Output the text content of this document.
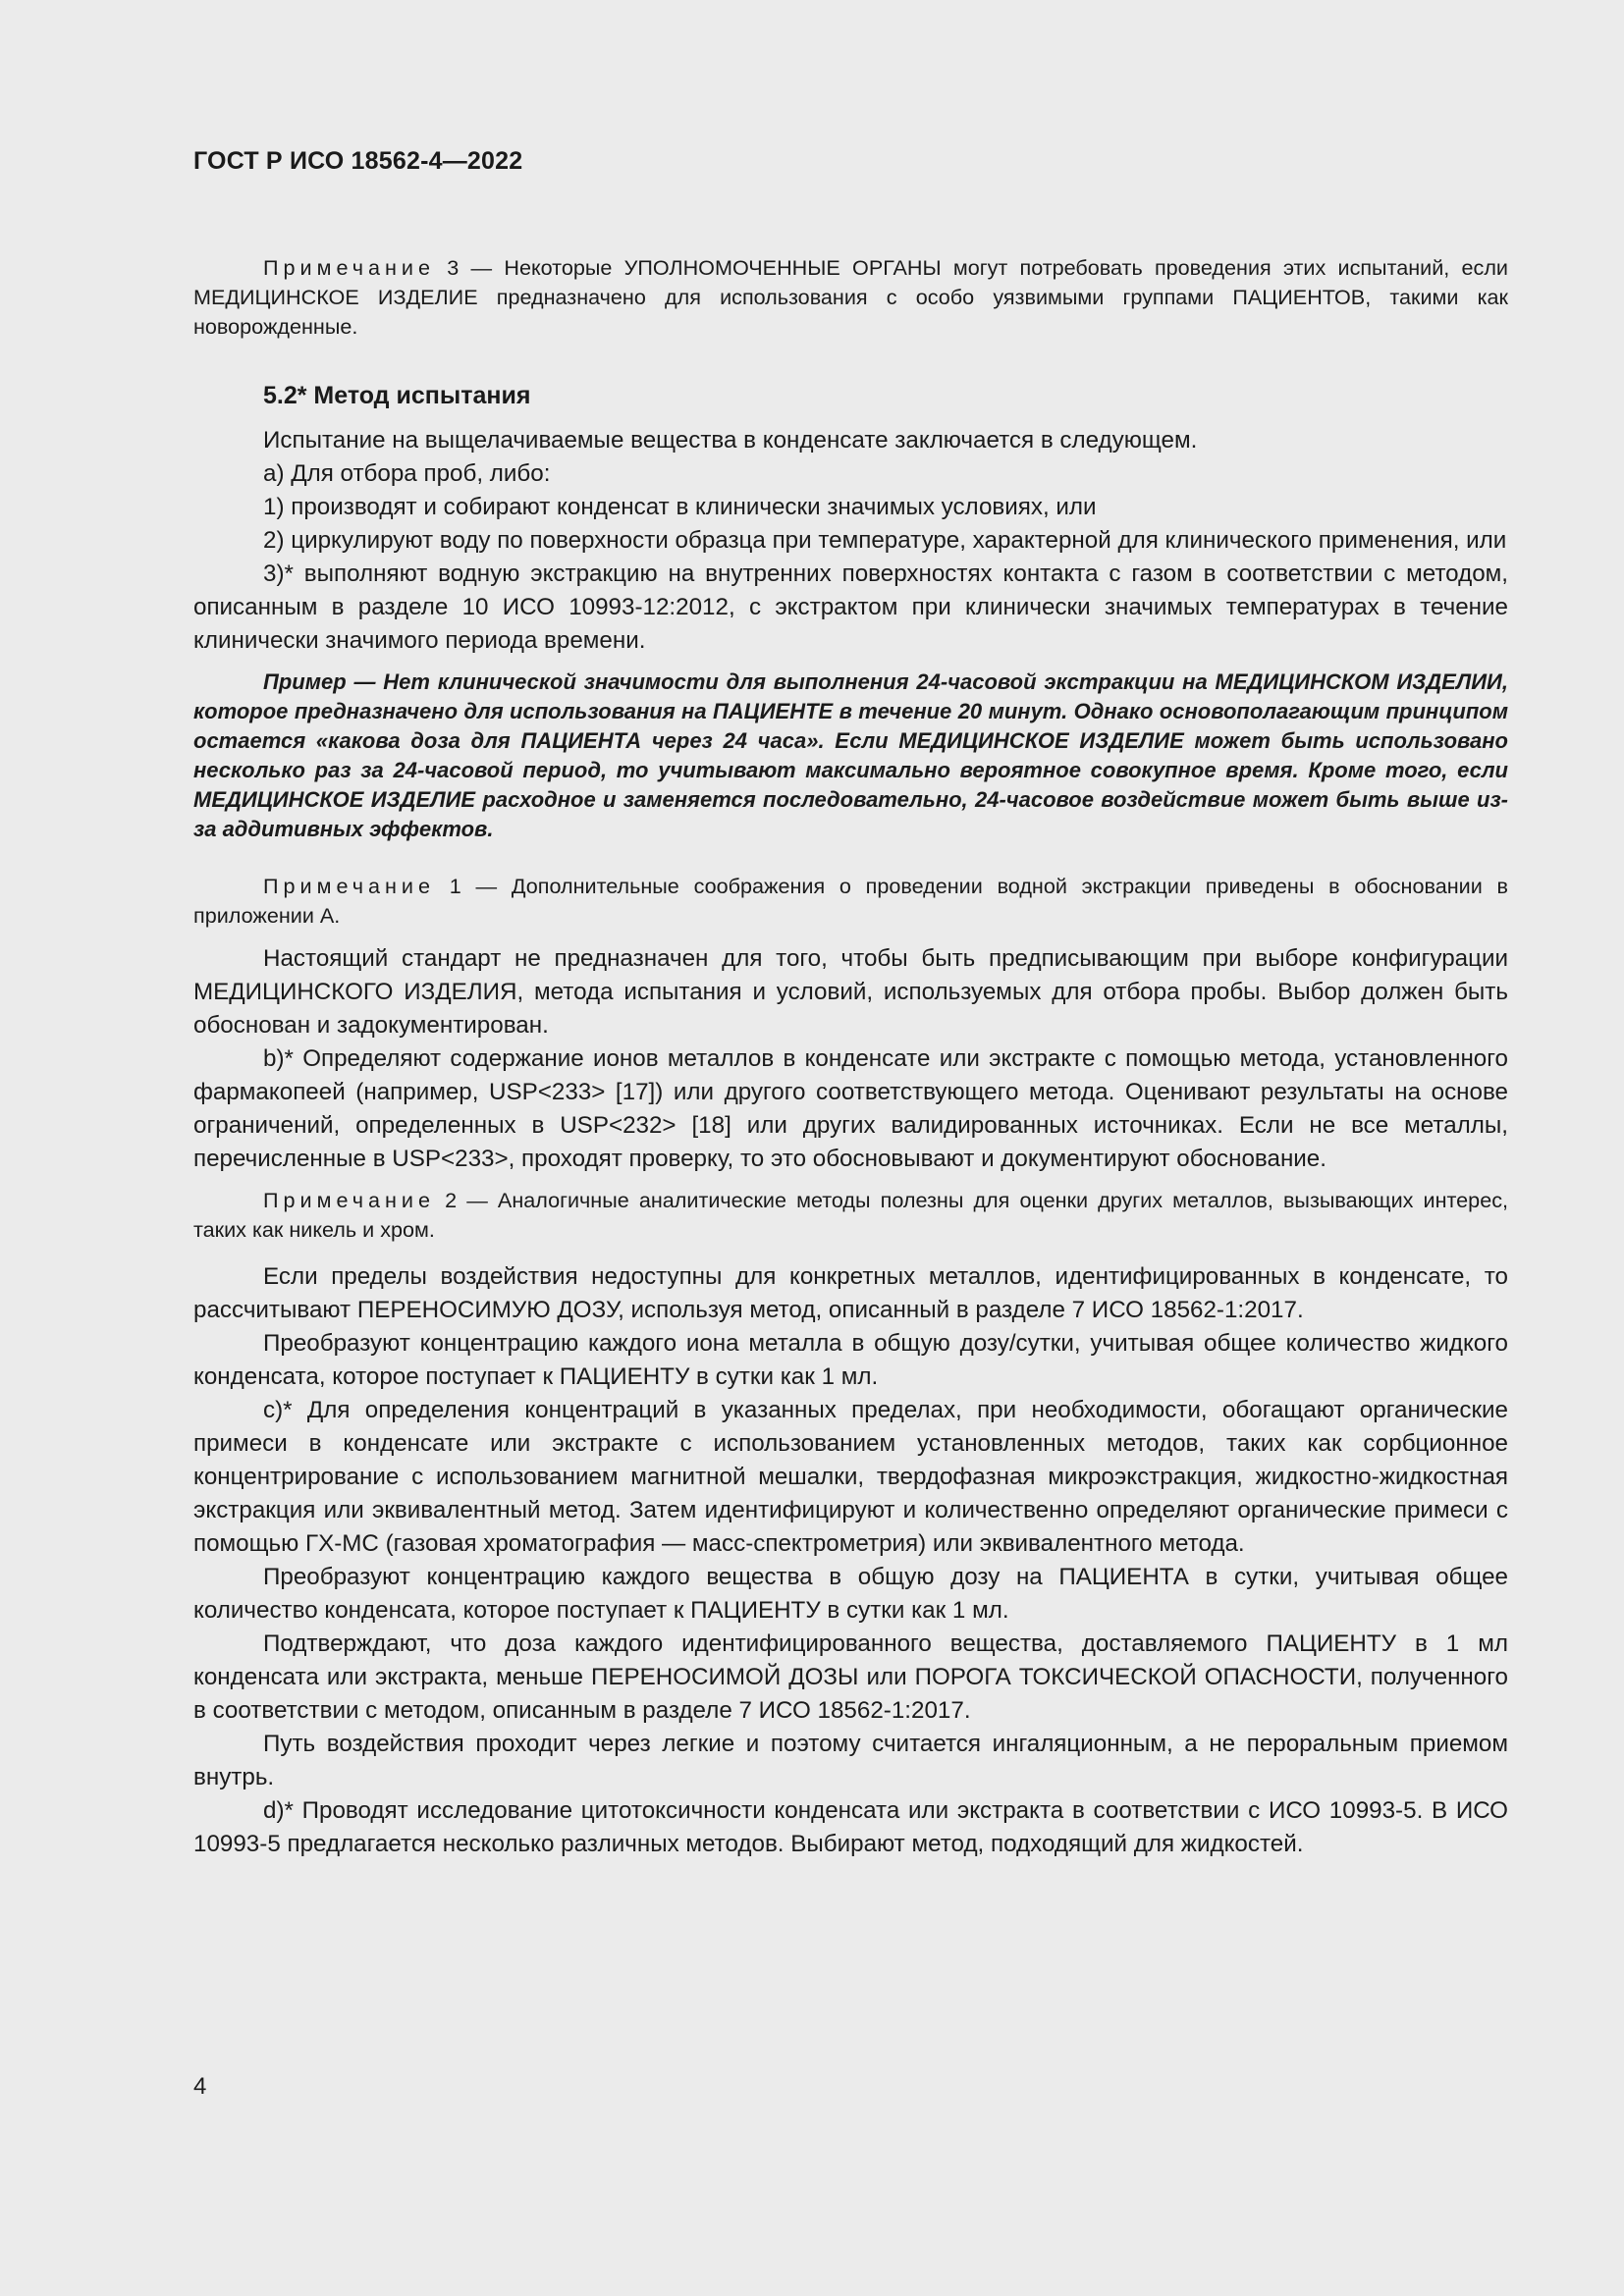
ГОСТ Р ИСО 18562-4—2022

Примечание 3 — Некоторые УПОЛНОМОЧЕННЫЕ ОРГАНЫ могут потребовать проведения этих испытаний, если МЕДИЦИНСКОЕ ИЗДЕЛИЕ предназначено для использования с особо уязвимыми группами ПАЦИЕНТОВ, такими как новорожденные.

5.2* Метод испытания

Испытание на выщелачиваемые вещества в конденсате заключается в следующем.

a) Для отбора проб, либо:

1) производят и собирают конденсат в клинически значимых условиях, или

2) циркулируют воду по поверхности образца при температуре, характерной для клинического применения, или

3)* выполняют водную экстракцию на внутренних поверхностях контакта с газом в соответствии с методом, описанным в разделе 10 ИСО 10993-12:2012, с экстрактом при клинически значимых температурах в течение клинически значимого периода времени.

Пример — Нет клинической значимости для выполнения 24-часовой экстракции на МЕДИЦИНСКОМ ИЗДЕЛИИ, которое предназначено для использования на ПАЦИЕНТЕ в течение 20 минут. Однако основополагающим принципом остается «какова доза для ПАЦИЕНТА через 24 часа». Если МЕДИЦИНСКОЕ ИЗДЕЛИЕ может быть использовано несколько раз за 24-часовой период, то учитывают максимально вероятное совокупное время. Кроме того, если МЕДИЦИНСКОЕ ИЗДЕЛИЕ расходное и заменяется последовательно, 24-часовое воздействие может быть выше из-за аддитивных эффектов.

Примечание 1 — Дополнительные соображения о проведении водной экстракции приведены в обосновании в приложении А.

Настоящий стандарт не предназначен для того, чтобы быть предписывающим при выборе конфигурации МЕДИЦИНСКОГО ИЗДЕЛИЯ, метода испытания и условий, используемых для отбора пробы. Выбор должен быть обоснован и задокументирован.

b)* Определяют содержание ионов металлов в конденсате или экстракте с помощью метода, установленного фармакопеей (например, USP<233> [17]) или другого соответствующего метода. Оценивают результаты на основе ограничений, определенных в USP<232> [18] или других валидированных источниках. Если не все металлы, перечисленные в USP<233>, проходят проверку, то это обосновывают и документируют обоснование.

Примечание 2 — Аналогичные аналитические методы полезны для оценки других металлов, вызывающих интерес, таких как никель и хром.

Если пределы воздействия недоступны для конкретных металлов, идентифицированных в конденсате, то рассчитывают ПЕРЕНОСИМУЮ ДОЗУ, используя метод, описанный в разделе 7 ИСО 18562-1:2017.

Преобразуют концентрацию каждого иона металла в общую дозу/сутки, учитывая общее количество жидкого конденсата, которое поступает к ПАЦИЕНТУ в сутки как 1 мл.

c)* Для определения концентраций в указанных пределах, при необходимости, обогащают органические примеси в конденсате или экстракте с использованием установленных методов, таких как сорбционное концентрирование с использованием магнитной мешалки, твердофазная микроэкстракция, жидкостно-жидкостная экстракция или эквивалентный метод. Затем идентифицируют и количественно определяют органические примеси с помощью ГХ-МС (газовая хроматография — масс-спектрометрия) или эквивалентного метода.

Преобразуют концентрацию каждого вещества в общую дозу на ПАЦИЕНТА в сутки, учитывая общее количество конденсата, которое поступает к ПАЦИЕНТУ в сутки как 1 мл.

Подтверждают, что доза каждого идентифицированного вещества, доставляемого ПАЦИЕНТУ в 1 мл конденсата или экстракта, меньше ПЕРЕНОСИМОЙ ДОЗЫ или ПОРОГА ТОКСИЧЕСКОЙ ОПАСНОСТИ, полученного в соответствии с методом, описанным в разделе 7 ИСО 18562-1:2017.

Путь воздействия проходит через легкие и поэтому считается ингаляционным, а не пероральным приемом внутрь.

d)* Проводят исследование цитотоксичности конденсата или экстракта в соответствии с ИСО 10993-5. В ИСО 10993-5 предлагается несколько различных методов. Выбирают метод, подходящий для жидкостей.

4
